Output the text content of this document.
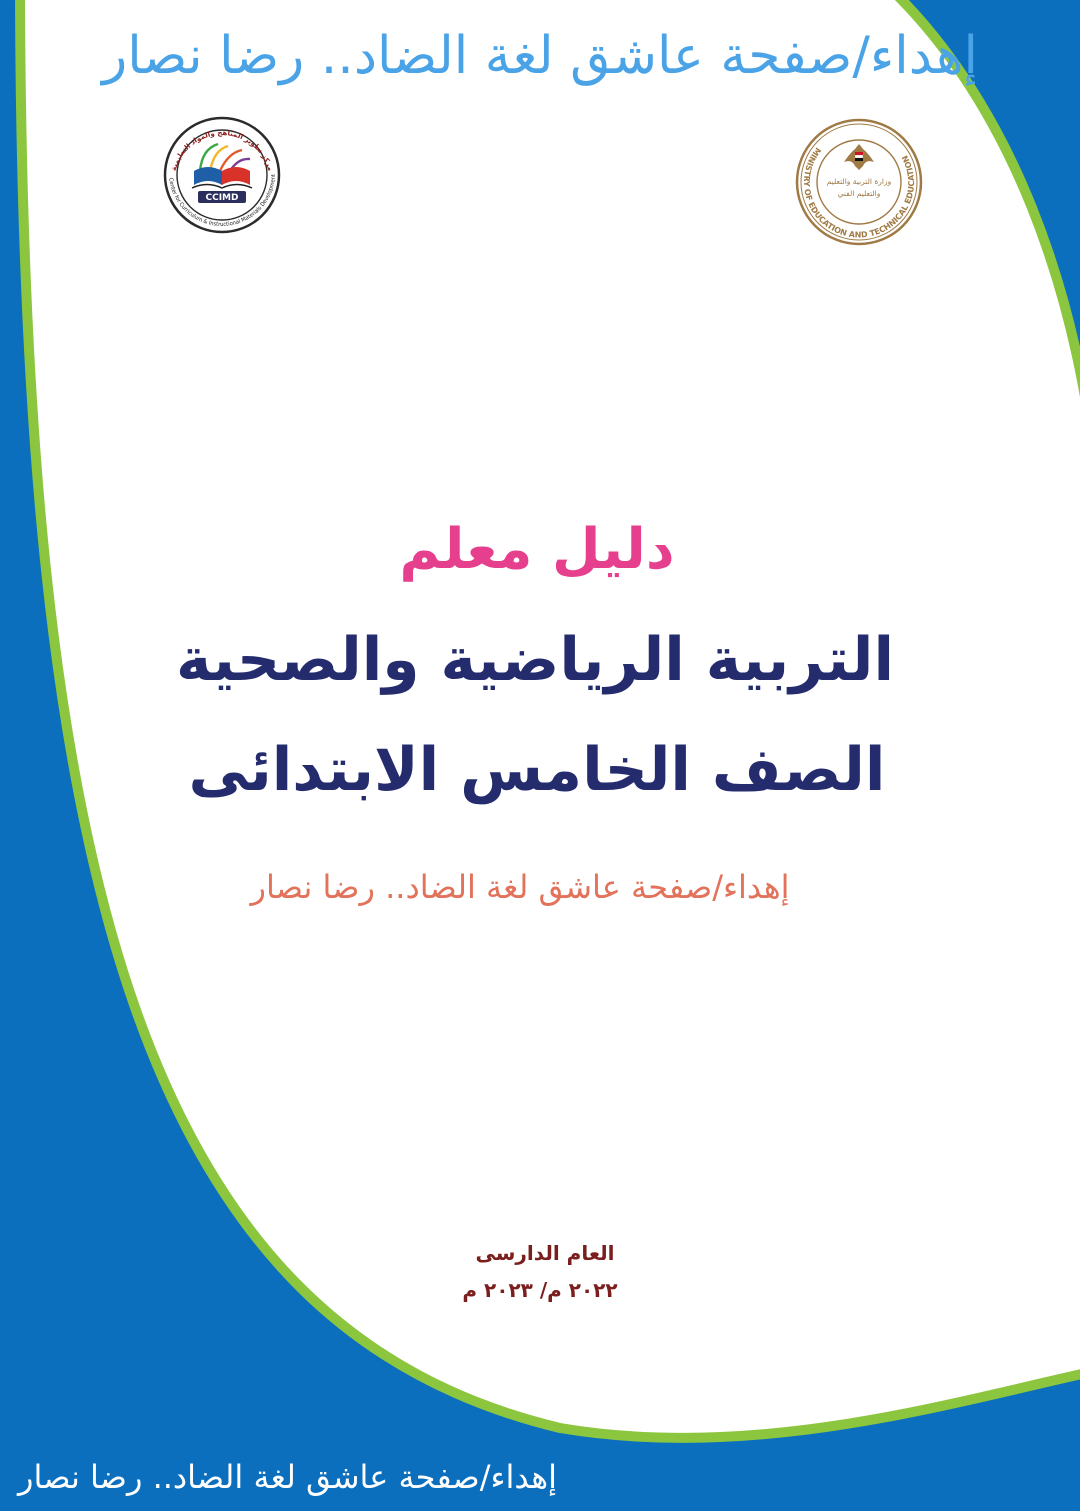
إهداء/صفحة عاشق لغة الضاد.. رضا نصار
مركز تطوير المناهج والمواد التعليمية
Center for Curriculum & Instructional Materials Development
CCIMD
MINISTRY OF EDUCATION AND TECHNICAL EDUCATION
وزارة التربية والتعليم
والتعليم الفني
دليل معلم
التربية الرياضية والصحية
الصف الخامس الابتدائى
إهداء/صفحة عاشق لغة الضاد.. رضا نصار
العام الدارسى
٢٠٢٢ م/ ٢٠٢٣ م
إهداء/صفحة عاشق لغة الضاد.. رضا نصار
